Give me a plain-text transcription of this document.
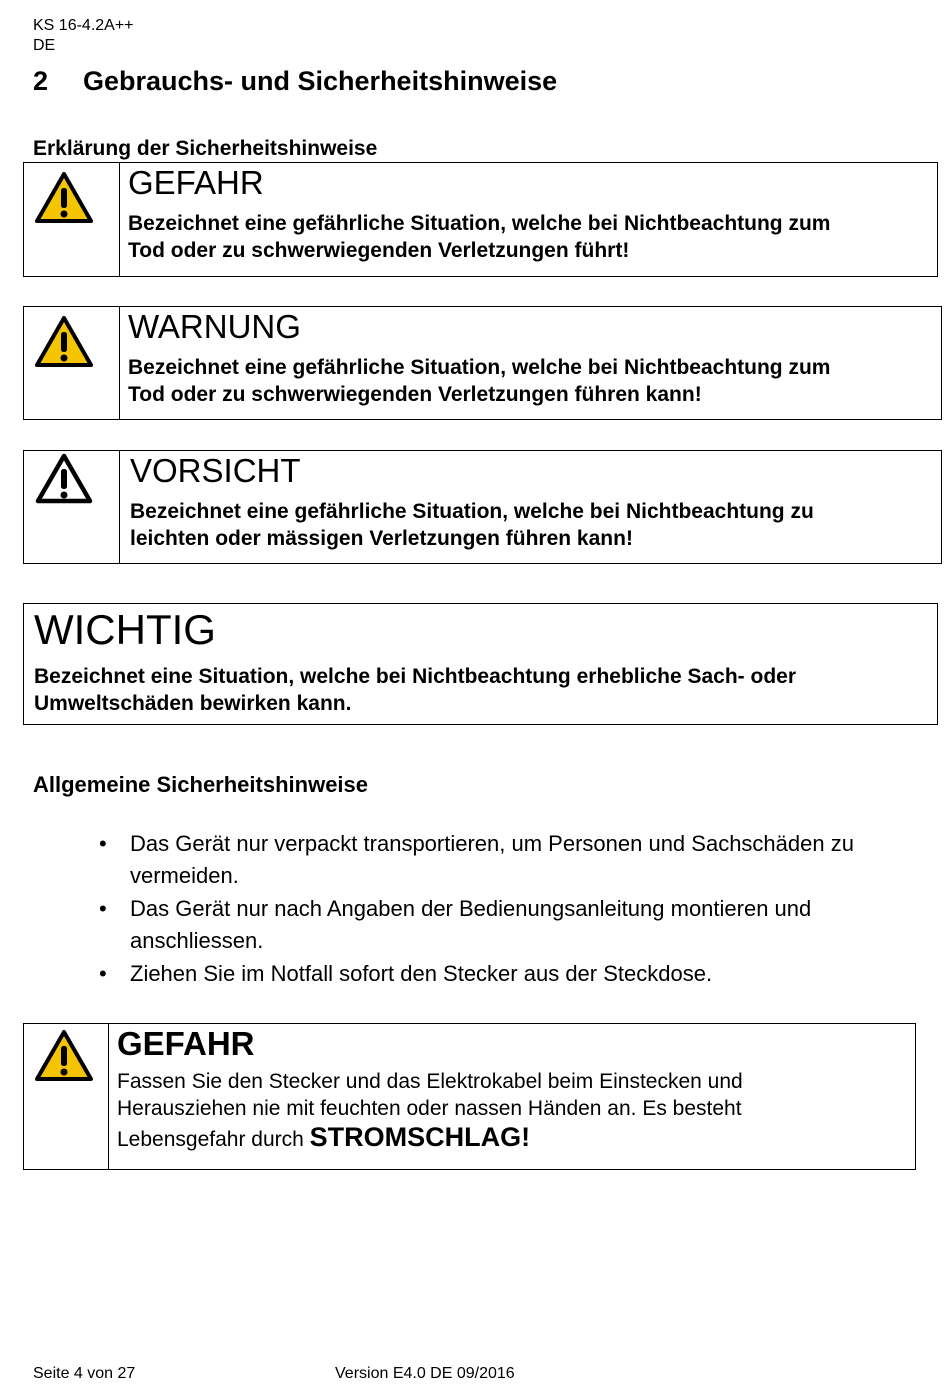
KS 16-4.2A++
DE
2 Gebrauchs- und Sicherheitshinweise
Erklärung der Sicherheitshinweise

GEFAHR

Bezeichnet eine gefährliche Situation, welche bei Nichtbeachtung zum

Tod oder zu schwerwiegenden Verletzungen führt!

WARNUNG

Bezeichnet eine gefährliche Situation, welche bei Nichtbeachtung zum

Tod oder zu schwerwiegenden Verletzungen führen kann!

VORSICHT

Bezeichnet eine gefährliche Situation, welche bei Nichtbeachtung zu

leichten oder mässigen Verletzungen führen kann!

WICHTIG

Bezeichnet eine Situation, welche bei Nichtbeachtung erhebliche Sach- oder

Umweltschäden bewirken kann.

Allgemeine Sicherheitshinweise
• Das Gerät nur verpackt transportieren, um Personen und Sachschäden zu
vermeiden.
• Das Gerät nur nach Angaben der Bedienungsanleitung montieren und
anschliessen.
• Ziehen Sie im Notfall sofort den Stecker aus der Steckdose.

GEFAHR

Fassen Sie den Stecker und das Elektrokabel beim Einstecken und

Herausziehen nie mit feuchten oder nassen Händen an. Es besteht

Lebensgefahr durch STROMSCHLAG!

Seite 4 von 27	Version E4.0 DE 09/2016
